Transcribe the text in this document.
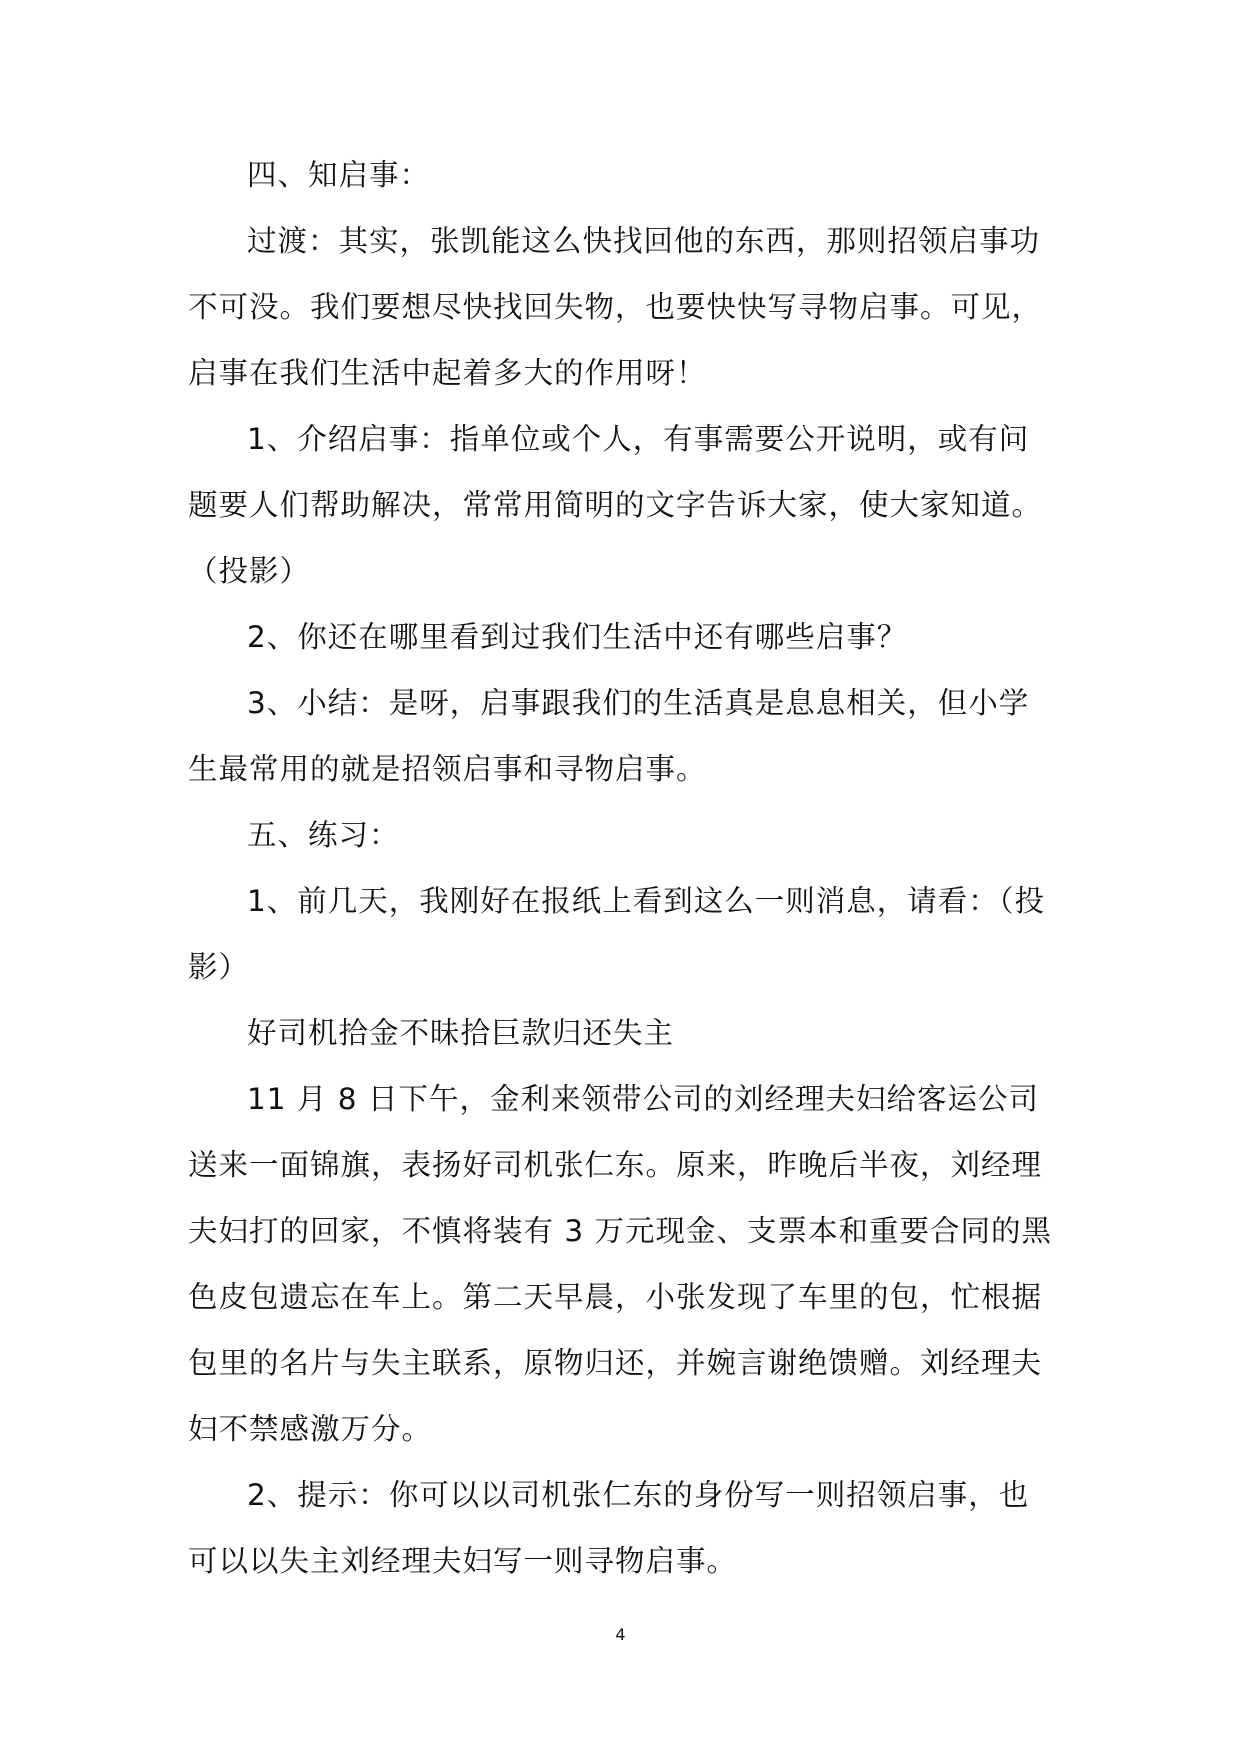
四、知启事：

过渡：其实，张凯能这么快找回他的东西，那则招领启事功不可没。我们要想尽快找回失物，也要快快写寻物启事。可见，启事在我们生活中起着多大的作用呀！

1、介绍启事：指单位或个人，有事需要公开说明，或有问题要人们帮助解决，常常用简明的文字告诉大家，使大家知道。（投影）

2、你还在哪里看到过我们生活中还有哪些启事？

3、小结：是呀，启事跟我们的生活真是息息相关，但小学生最常用的就是招领启事和寻物启事。

五、练习：

1、前几天，我刚好在报纸上看到这么一则消息，请看：（投影）

好司机拾金不昧拾巨款归还失主

11 月 8 日下午，金利来领带公司的刘经理夫妇给客运公司送来一面锦旗，表扬好司机张仁东。原来，昨晚后半夜，刘经理夫妇打的回家，不慎将装有 3 万元现金、支票本和重要合同的黑色皮包遗忘在车上。第二天早晨，小张发现了车里的包，忙根据包里的名片与失主联系，原物归还，并婉言谢绝馈赠。刘经理夫妇不禁感激万分。

2、提示：你可以以司机张仁东的身份写一则招领启事，也可以以失主刘经理夫妇写一则寻物启事。

4
